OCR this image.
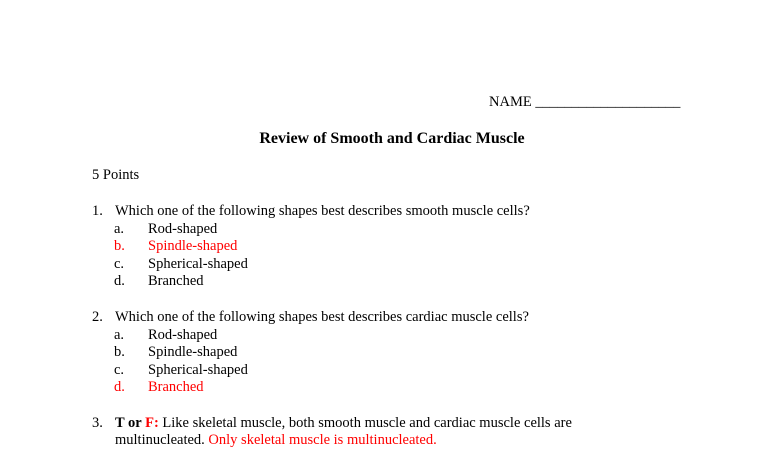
NAME ____________________
Review of Smooth and Cardiac Muscle
5 Points
1. Which one of the following shapes best describes smooth muscle cells?
a. Rod-shaped
b. Spindle-shaped
c. Spherical-shaped
d. Branched
2. Which one of the following shapes best describes cardiac muscle cells?
a. Rod-shaped
b. Spindle-shaped
c. Spherical-shaped
d. Branched
3. T or F: Like skeletal muscle, both smooth muscle and cardiac muscle cells are
multinucleated. Only skeletal muscle is multinucleated.
